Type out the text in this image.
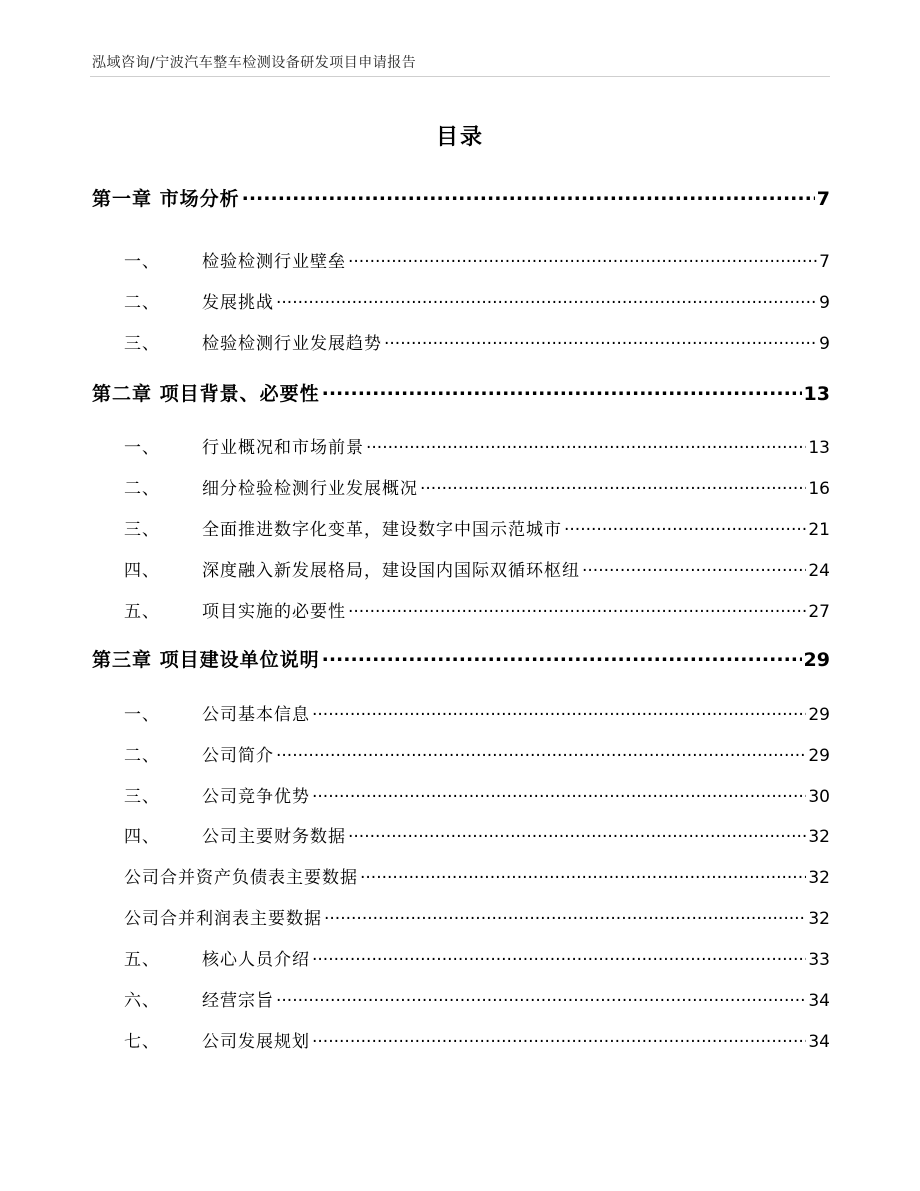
泓域咨询/宁波汽车整车检测设备研发项目申请报告
目录
第一章 市场分析 .....	7
一、	检验检测行业壁垒 .....	7
二、	发展挑战 .....	9
三、	检验检测行业发展趋势 .....	9
第二章 项目背景、必要性 .....	13
一、	行业概况和市场前景 .....	13
二、	细分检验检测行业发展概况 .....	16
三、	全面推进数字化变革，建设数字中国示范城市 .....	21
四、	深度融入新发展格局，建设国内国际双循环枢纽 .....	24
五、	项目实施的必要性 .....	27
第三章 项目建设单位说明 .....	29
一、	公司基本信息 .....	29
二、	公司简介 .....	29
三、	公司竞争优势 .....	30
四、	公司主要财务数据 .....	32
公司合并资产负债表主要数据 .....	32
公司合并利润表主要数据 .....	32
五、	核心人员介绍 .....	33
六、	经营宗旨 .....	34
七、	公司发展规划 .....	34
